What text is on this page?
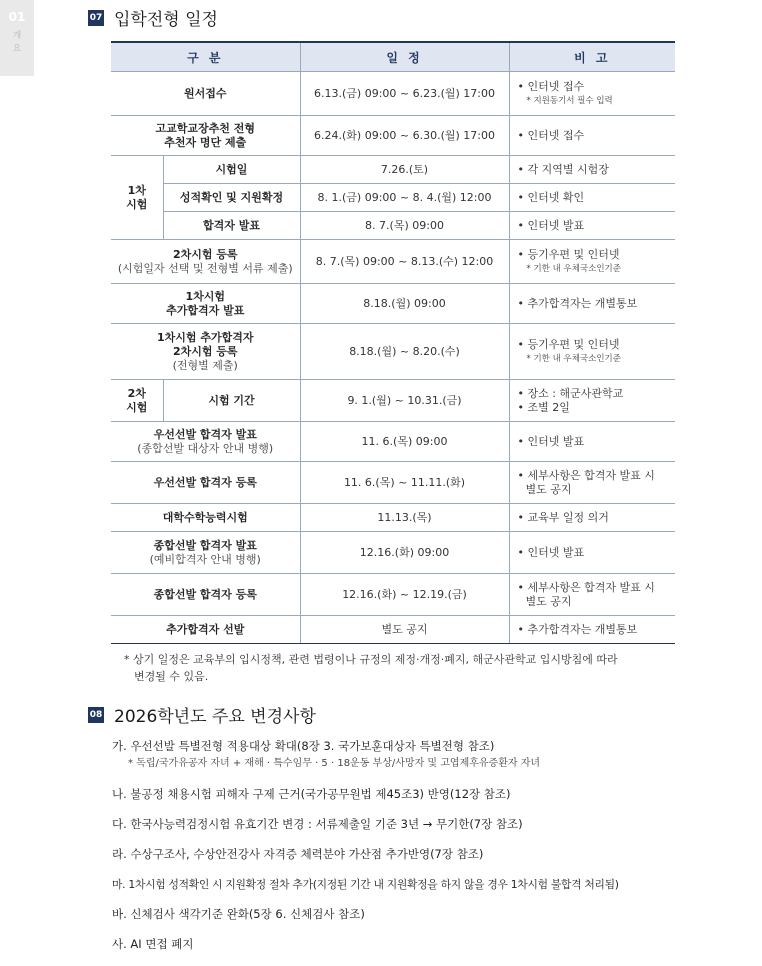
01
개요
07 입학전형 일정
구 분		일 정	비 고
원서접수		6.13.(금) 09:00 ~ 6.23.(월) 17:00	• 인터넷 접수
* 지원동기서 필수 입력

고교학교장추천 전형
추천자 명단 제출		6.24.(화) 09:00 ~ 6.30.(월) 17:00	• 인터넷 접수
1차
시험	시험일	7.26.(토)	• 각 지역별 시험장
	성적확인 및 지원확정	8. 1.(금) 09:00 ~ 8. 4.(월) 12:00	• 인터넷 확인
	합격자 발표	8. 7.(목) 09:00	• 인터넷 발표
2차시험 등록
(시험일자 선택 및 전형별 서류 제출)		8. 7.(목) 09:00 ~ 8.13.(수) 12:00	• 등기우편 및 인터넷
* 기한 내 우체국소인기준

1차시험
추가합격자 발표		8.18.(월) 09:00	• 추가합격자는 개별통보
1차시험 추가합격자
2차시험 등록
(전형별 제출)		8.18.(월) ~ 8.20.(수)	• 등기우편 및 인터넷
* 기한 내 우체국소인기준

2차
시험	시험 기간	9. 1.(월) ~ 10.31.(금)	• 장소 : 해군사관학교
• 조별 2일
우선선발 합격자 발표
(종합선발 대상자 안내 병행)		11. 6.(목) 09:00	• 인터넷 발표
우선선발 합격자 등록		11. 6.(목) ~ 11.11.(화)	• 세부사항은 합격자 발표 시
별도 공지
대학수학능력시험		11.13.(목)	• 교육부 일정 의거
종합선발 합격자 발표
(예비합격자 안내 병행)		12.16.(화) 09:00	• 인터넷 발표
종합선발 합격자 등록		12.16.(화) ~ 12.19.(금)	• 세부사항은 합격자 발표 시
별도 공지
추가합격자 선발		별도 공지	• 추가합격자는 개별통보
* 상기 일정은 교육부의 입시정책, 관련 법령이나 규정의 제정·개정·폐지, 해군사관학교 입시방침에 따라
변경될 수 있음.
08 2026학년도 주요 변경사항
가. 우선선발 특별전형 적용대상 확대(8장 3. 국가보훈대상자 특별전형 참조)
* 독립/국가유공자 자녀 + 재해 · 특수임무 · 5 · 18운동 부상/사망자 및 고엽제후유증환자 자녀
나. 불공정 채용시험 피해자 구제 근거(국가공무원법 제45조3) 반영(12장 참조)
다. 한국사능력검정시험 유효기간 변경 : 서류제출일 기준 3년 → 무기한(7장 참조)
라. 수상구조사, 수상안전강사 자격증 체력분야 가산점 추가반영(7장 참조)
마. 1차시험 성적확인 시 지원확정 절차 추가(지정된 기간 내 지원확정을 하지 않을 경우 1차시험 불합격 처리됨)
바. 신체검사 색각기준 완화(5장 6. 신체검사 참조)
사. AI 면접 폐지
